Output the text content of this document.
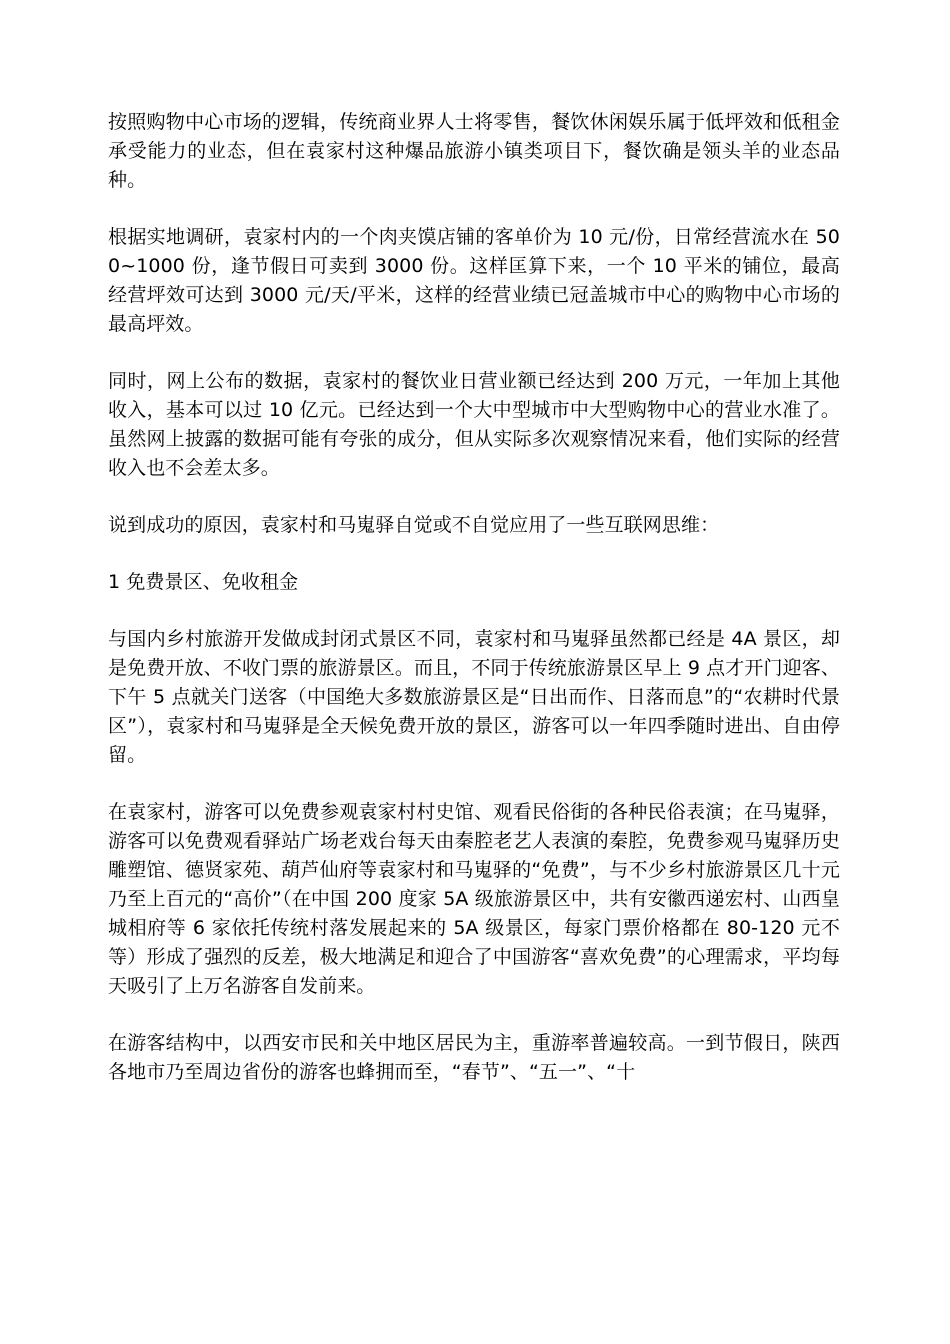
按照购物中心市场的逻辑，传统商业界人士将零售，餐饮休闲娱乐属于低坪效和低租金承受能力的业态，但在袁家村这种爆品旅游小镇类项目下，餐饮确是领头羊的业态品种。

根据实地调研，袁家村内的一个肉夹馍店铺的客单价为 10 元/份，日常经营流水在 500~1000 份，逢节假日可卖到 3000 份。这样匡算下来，一个 10 平米的铺位，最高经营坪效可达到 3000 元/天/平米，这样的经营业绩已冠盖城市中心的购物中心市场的最高坪效。

同时，网上公布的数据，袁家村的餐饮业日营业额已经达到 200 万元，一年加上其他收入，基本可以过 10 亿元。已经达到一个大中型城市中大型购物中心的营业水准了。虽然网上披露的数据可能有夸张的成分，但从实际多次观察情况来看，他们实际的经营收入也不会差太多。

说到成功的原因，袁家村和马嵬驿自觉或不自觉应用了一些互联网思维：

1 免费景区、免收租金

与国内乡村旅游开发做成封闭式景区不同，袁家村和马嵬驿虽然都已经是 4A 景区，却是免费开放、不收门票的旅游景区。而且，不同于传统旅游景区早上 9 点才开门迎客、下午 5 点就关门送客（中国绝大多数旅游景区是“日出而作、日落而息”的“农耕时代景区”），袁家村和马嵬驿是全天候免费开放的景区，游客可以一年四季随时进出、自由停留。

在袁家村，游客可以免费参观袁家村村史馆、观看民俗街的各种民俗表演；在马嵬驿，游客可以免费观看驿站广场老戏台每天由秦腔老艺人表演的秦腔，免费参观马嵬驿历史雕塑馆、德贤家苑、葫芦仙府等袁家村和马嵬驿的“免费”，与不少乡村旅游景区几十元乃至上百元的“高价”（在中国 200 度家 5A 级旅游景区中，共有安徽西递宏村、山西皇城相府等 6 家依托传统村落发展起来的 5A 级景区，每家门票价格都在 80-120 元不等）形成了强烈的反差，极大地满足和迎合了中国游客“喜欢免费”的心理需求，平均每天吸引了上万名游客自发前来。

在游客结构中，以西安市民和关中地区居民为主，重游率普遍较高。一到节假日，陕西各地市乃至周边省份的游客也蜂拥而至，“春节”、“五一”、“十
